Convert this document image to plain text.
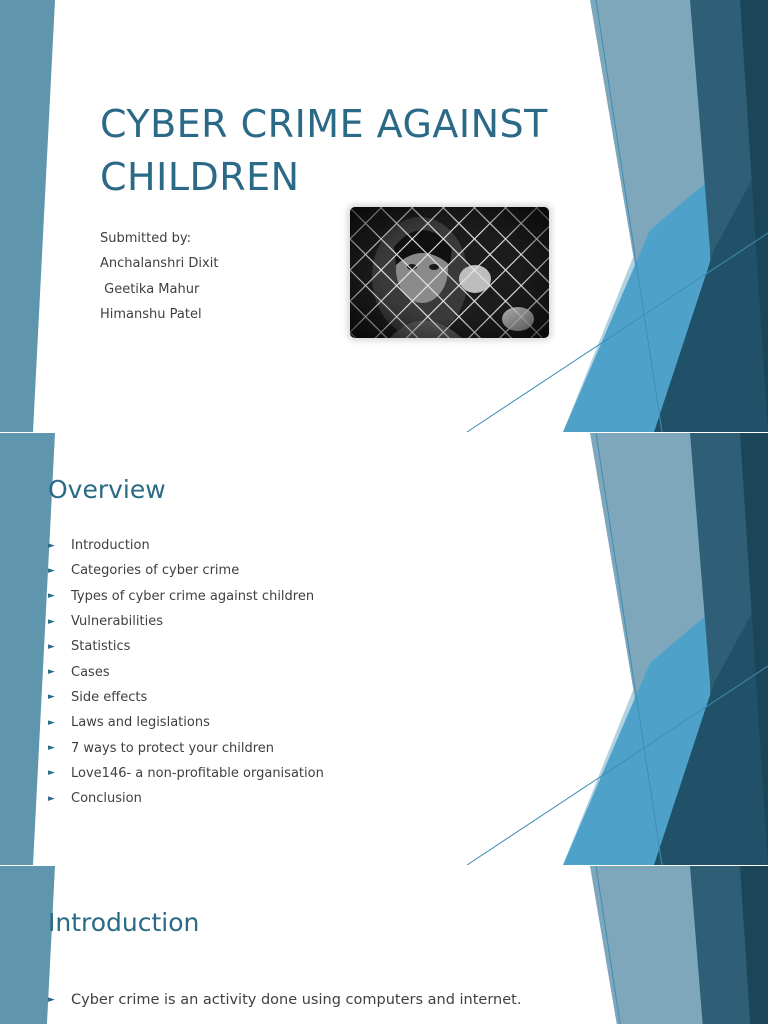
CYBER CRIME AGAINST CHILDREN
Submitted by:
Anchalanshri Dixit
Geetika Mahur
Himanshu Patel
Overview
►	Introduction
►	Categories of cyber crime
►	Types of cyber crime against children
►	Vulnerabilities
►	Statistics
►	Cases
►	Side effects
►	Laws and legislations
►	7 ways to protect your children
►	Love146- a non-profitable organisation
►	Conclusion
Introduction
►	Cyber crime is an activity done using computers and internet.
